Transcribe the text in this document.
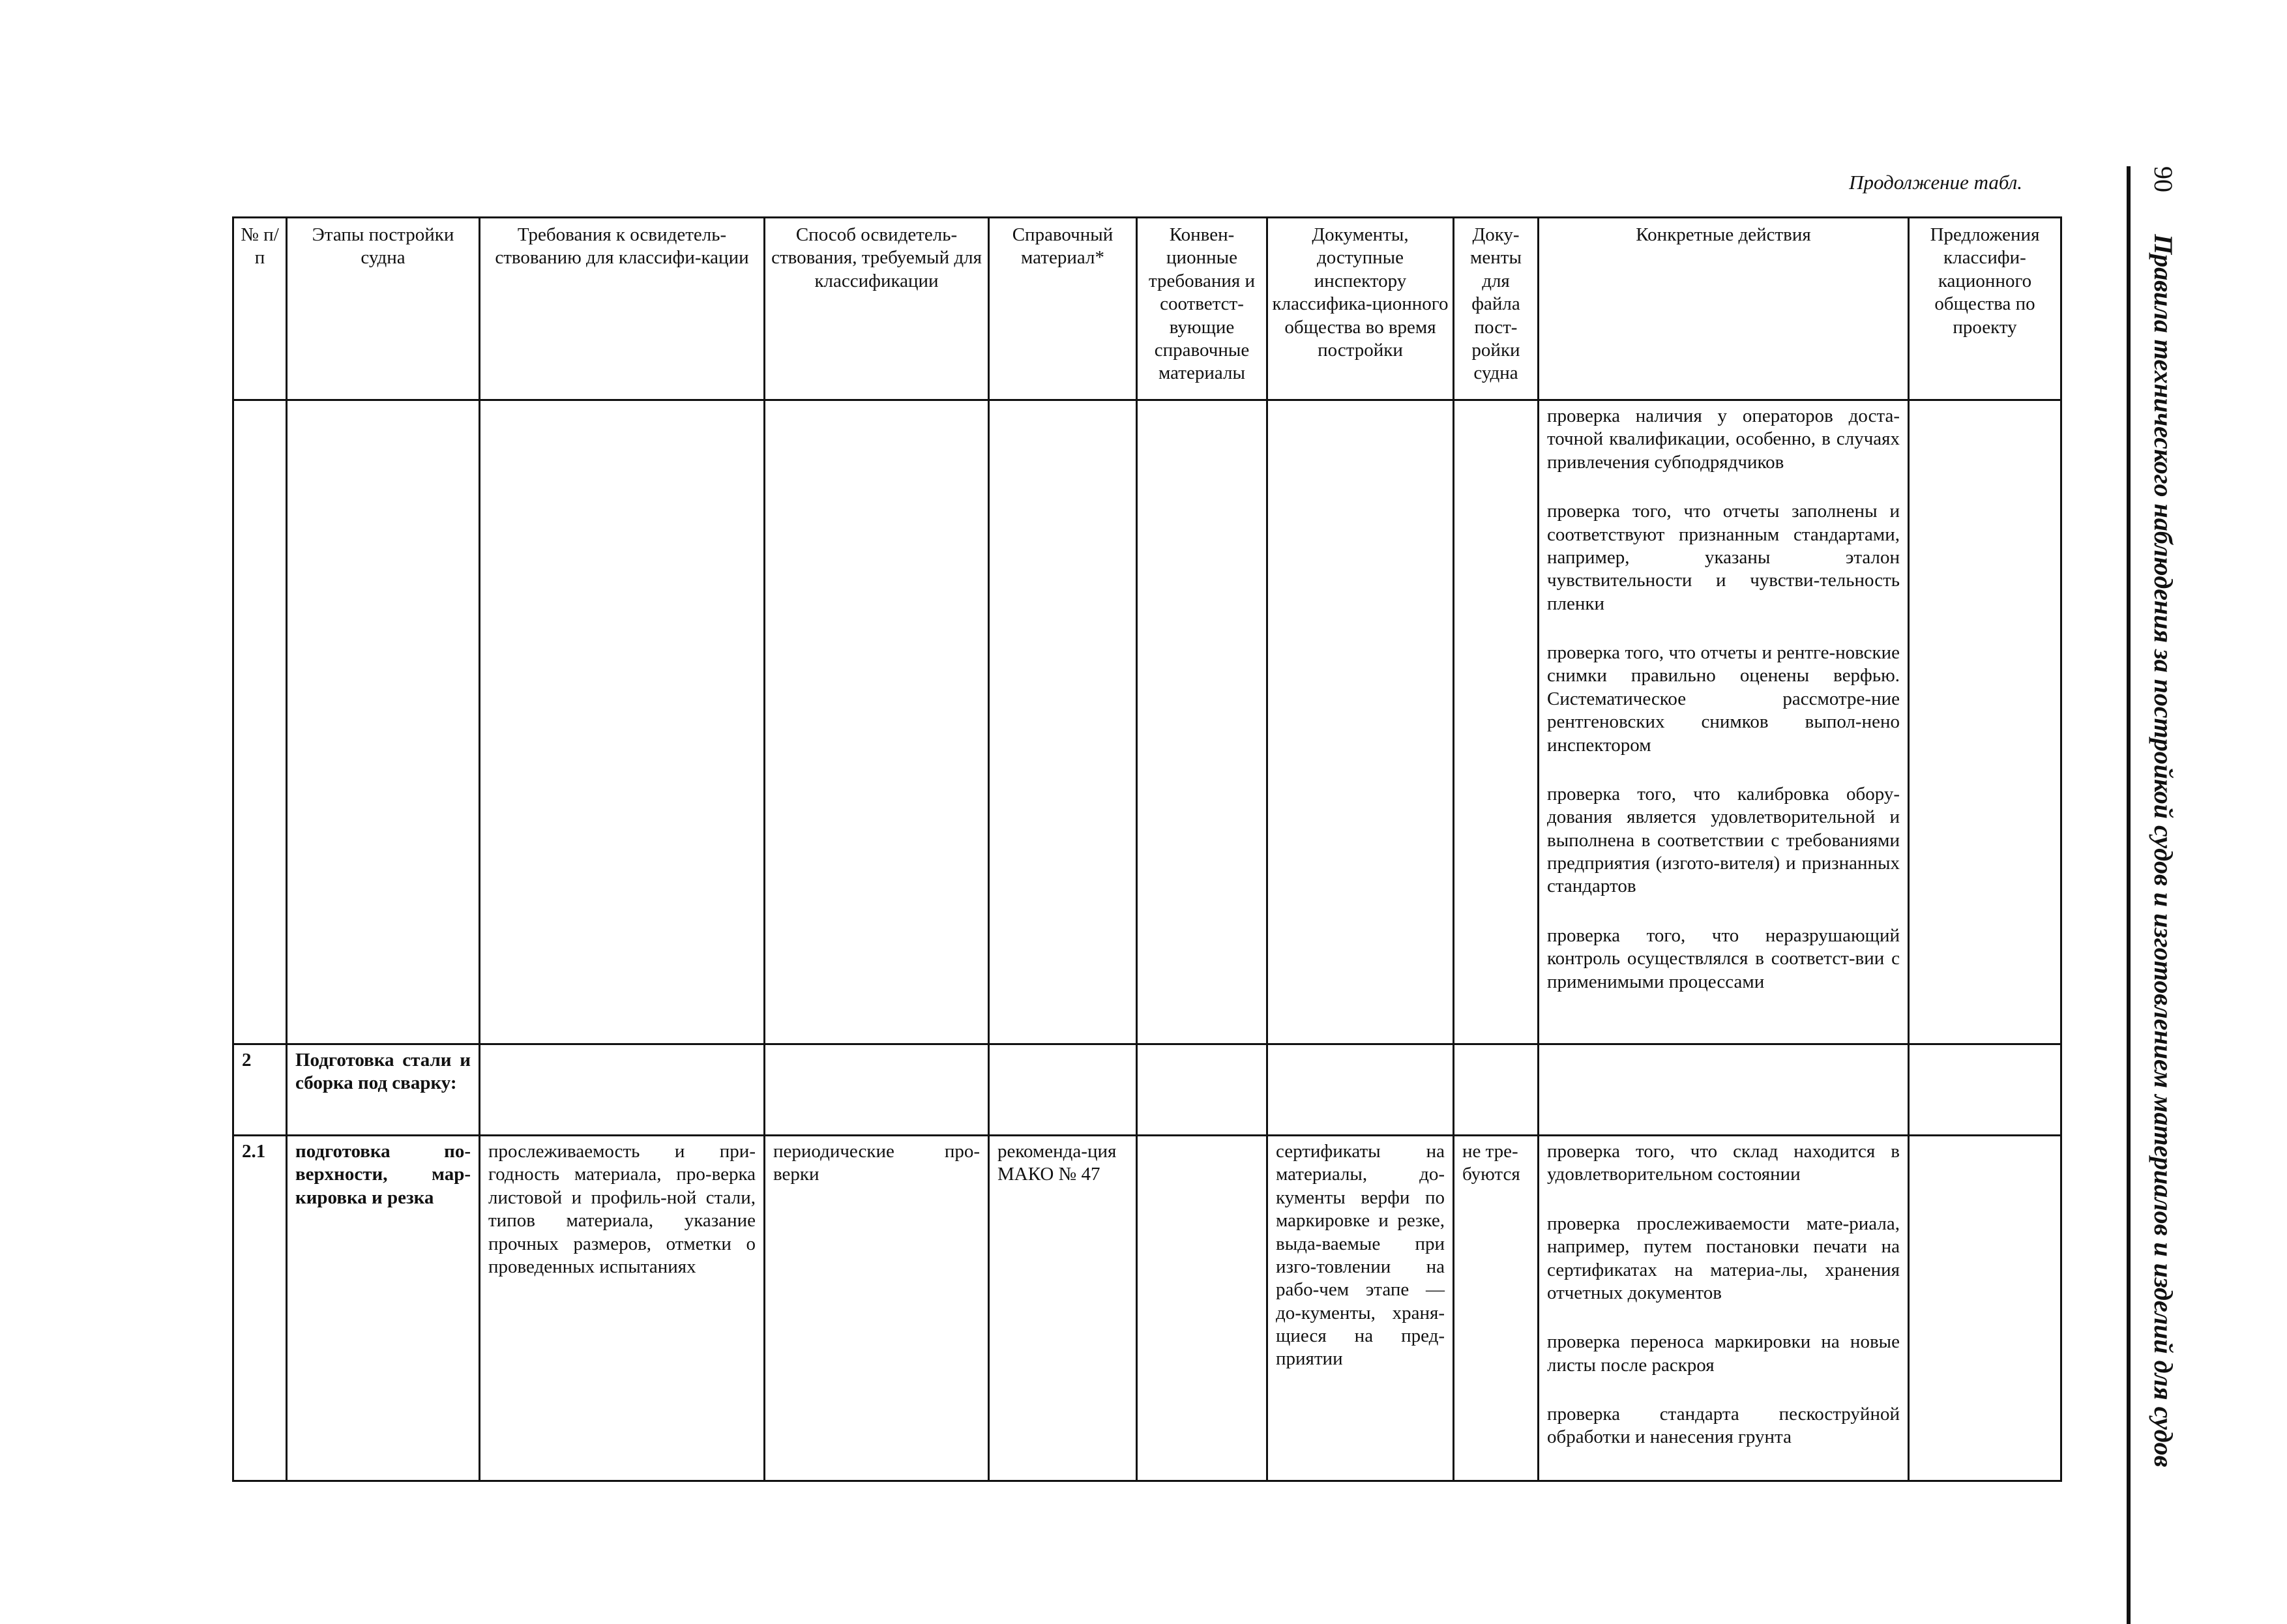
Продолжение табл.	90Правила технического наблюдения за постройкой судов и изготовлением материалов и изделий для судов
№ п/п	Этапы постройки судна	Требования к освидетель-ствованию для классифи-кации	Способ освидетель-ствования, требуемый для классификации	Справочный материал*	Конвен-ционные требования и соответст-вующие справочные материалы	Документы, доступные инспектору классифика-ционного общества во время постройки	Доку-менты для файла пост-ройки судна	Конкретные действия	Предложения классифи-кационного общества по проекту

								проверка наличия у операторов доста-точной квалификации, особенно, в случаях привлечения субподрядчиков

проверка того, что отчеты заполнены и соответствуют признанным стандартами, например, указаны эталон чувствительности и чувстви-тельность пленки

проверка того, что отчеты и рентге-новские снимки правильно оценены верфью. Систематическое рассмотре-ние рентгеновских снимков выпол-нено инспектором

проверка того, что калибровка обору-дования является удовлетворительной и выполнена в соответствии с требованиями предприятия (изгото-вителя) и признанных стандартов

проверка того, что неразрушающий контроль осуществлялся в соответст-вии с применимыми процессами	

2	Подготовка стали и сборка под сварку:								
2.1	подготовка по-верхности, мар-кировка и резка	прослеживаемость и при-годность материала, про-верка листовой и профиль-ной стали, типов материала, указание прочных размеров, отметки о проведенных испытаниях	периодические про-верки	рекоменда-ция МАКО № 47		сертификаты на материалы, до-кументы верфи по маркировке и резке, выда-ваемые при изго-товлении на рабо-чем этапе — до-кументы, храня-щиеся на пред-приятии	не тре-буются	проверка того, что склад находится в удовлетворительном состоянии

проверка прослеживаемости мате-риала, например, путем постановки печати на сертификатах на материа-лы, хранения отчетных документов

проверка переноса маркировки на новые листы после раскроя

проверка стандарта пескоструйной обработки и нанесения грунта	
